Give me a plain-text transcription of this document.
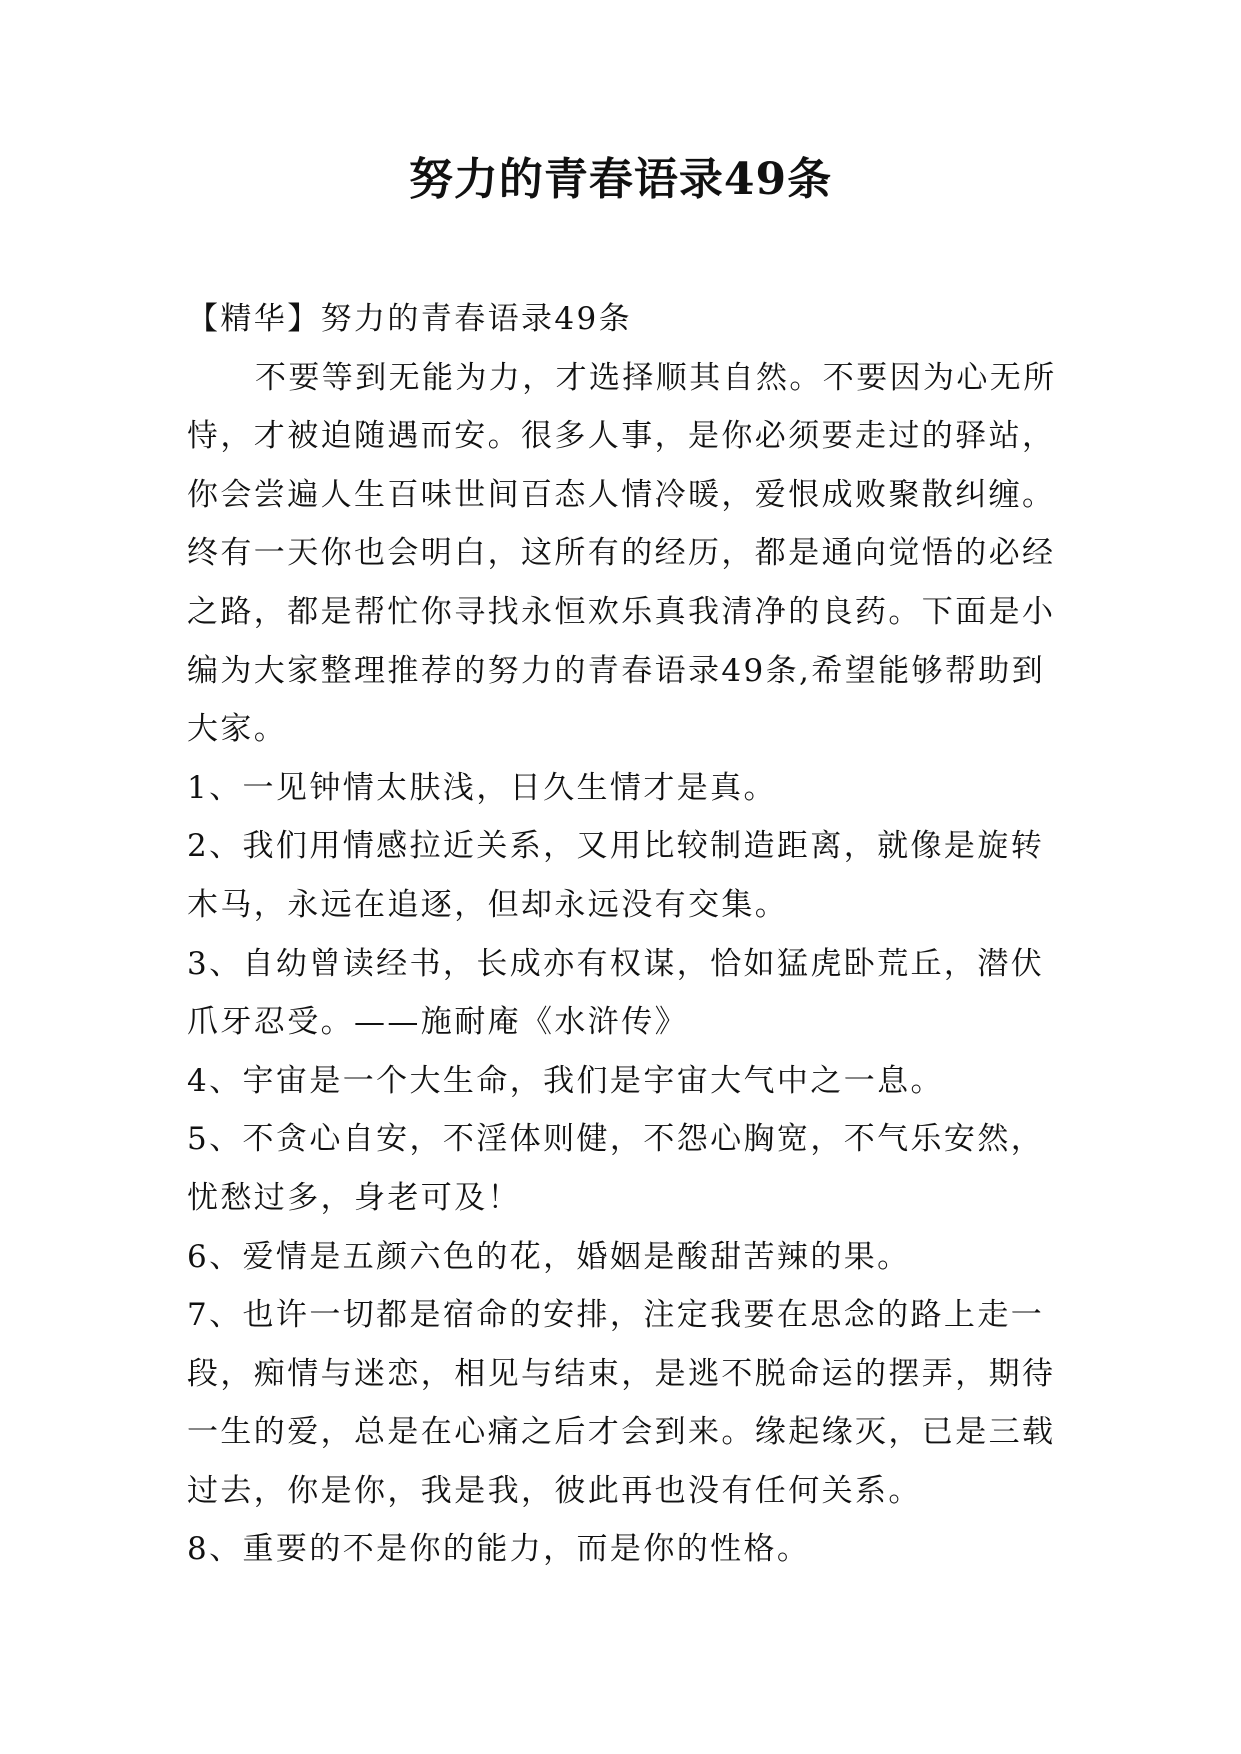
努力的青春语录49条

【精华】努力的青春语录49条

不要等到无能为力，才选择顺其自然。不要因为心无所恃，才被迫随遇而安。很多人事，是你必须要走过的驿站，你会尝遍人生百味世间百态人情冷暖，爱恨成败聚散纠缠。终有一天你也会明白，这所有的经历，都是通向觉悟的必经之路，都是帮忙你寻找永恒欢乐真我清净的良药。下面是小编为大家整理推荐的努力的青春语录49条,希望能够帮助到大家。

1、一见钟情太肤浅，日久生情才是真。

2、我们用情感拉近关系，又用比较制造距离，就像是旋转木马，永远在追逐，但却永远没有交集。

3、自幼曾读经书，长成亦有权谋，恰如猛虎卧荒丘，潜伏爪牙忍受。——施耐庵《水浒传》

4、宇宙是一个大生命，我们是宇宙大气中之一息。

5、不贪心自安，不淫体则健，不怨心胸宽，不气乐安然，忧愁过多，身老可及！

6、爱情是五颜六色的花，婚姻是酸甜苦辣的果。

7、也许一切都是宿命的安排，注定我要在思念的路上走一段，痴情与迷恋，相见与结束，是逃不脱命运的摆弄，期待一生的爱，总是在心痛之后才会到来。缘起缘灭，已是三载过去，你是你，我是我，彼此再也没有任何关系。

8、重要的不是你的能力，而是你的性格。
